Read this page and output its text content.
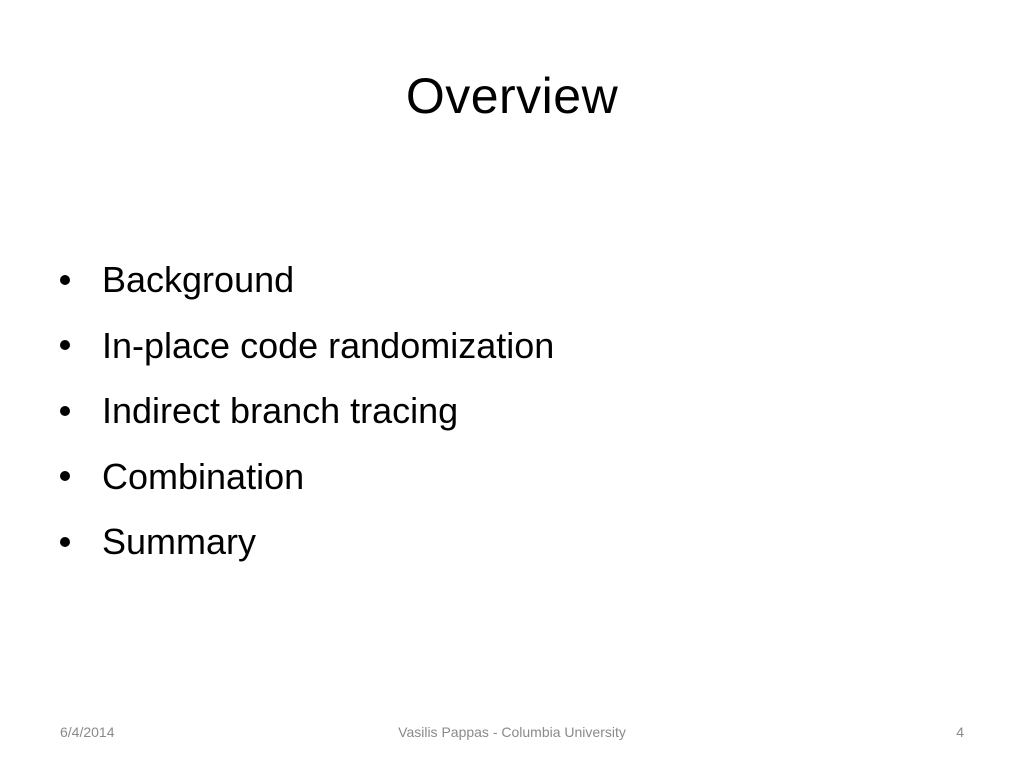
Overview
Background
In-place code randomization
Indirect branch tracing
Combination
Summary
6/4/2014	Vasilis Pappas - Columbia University	4
